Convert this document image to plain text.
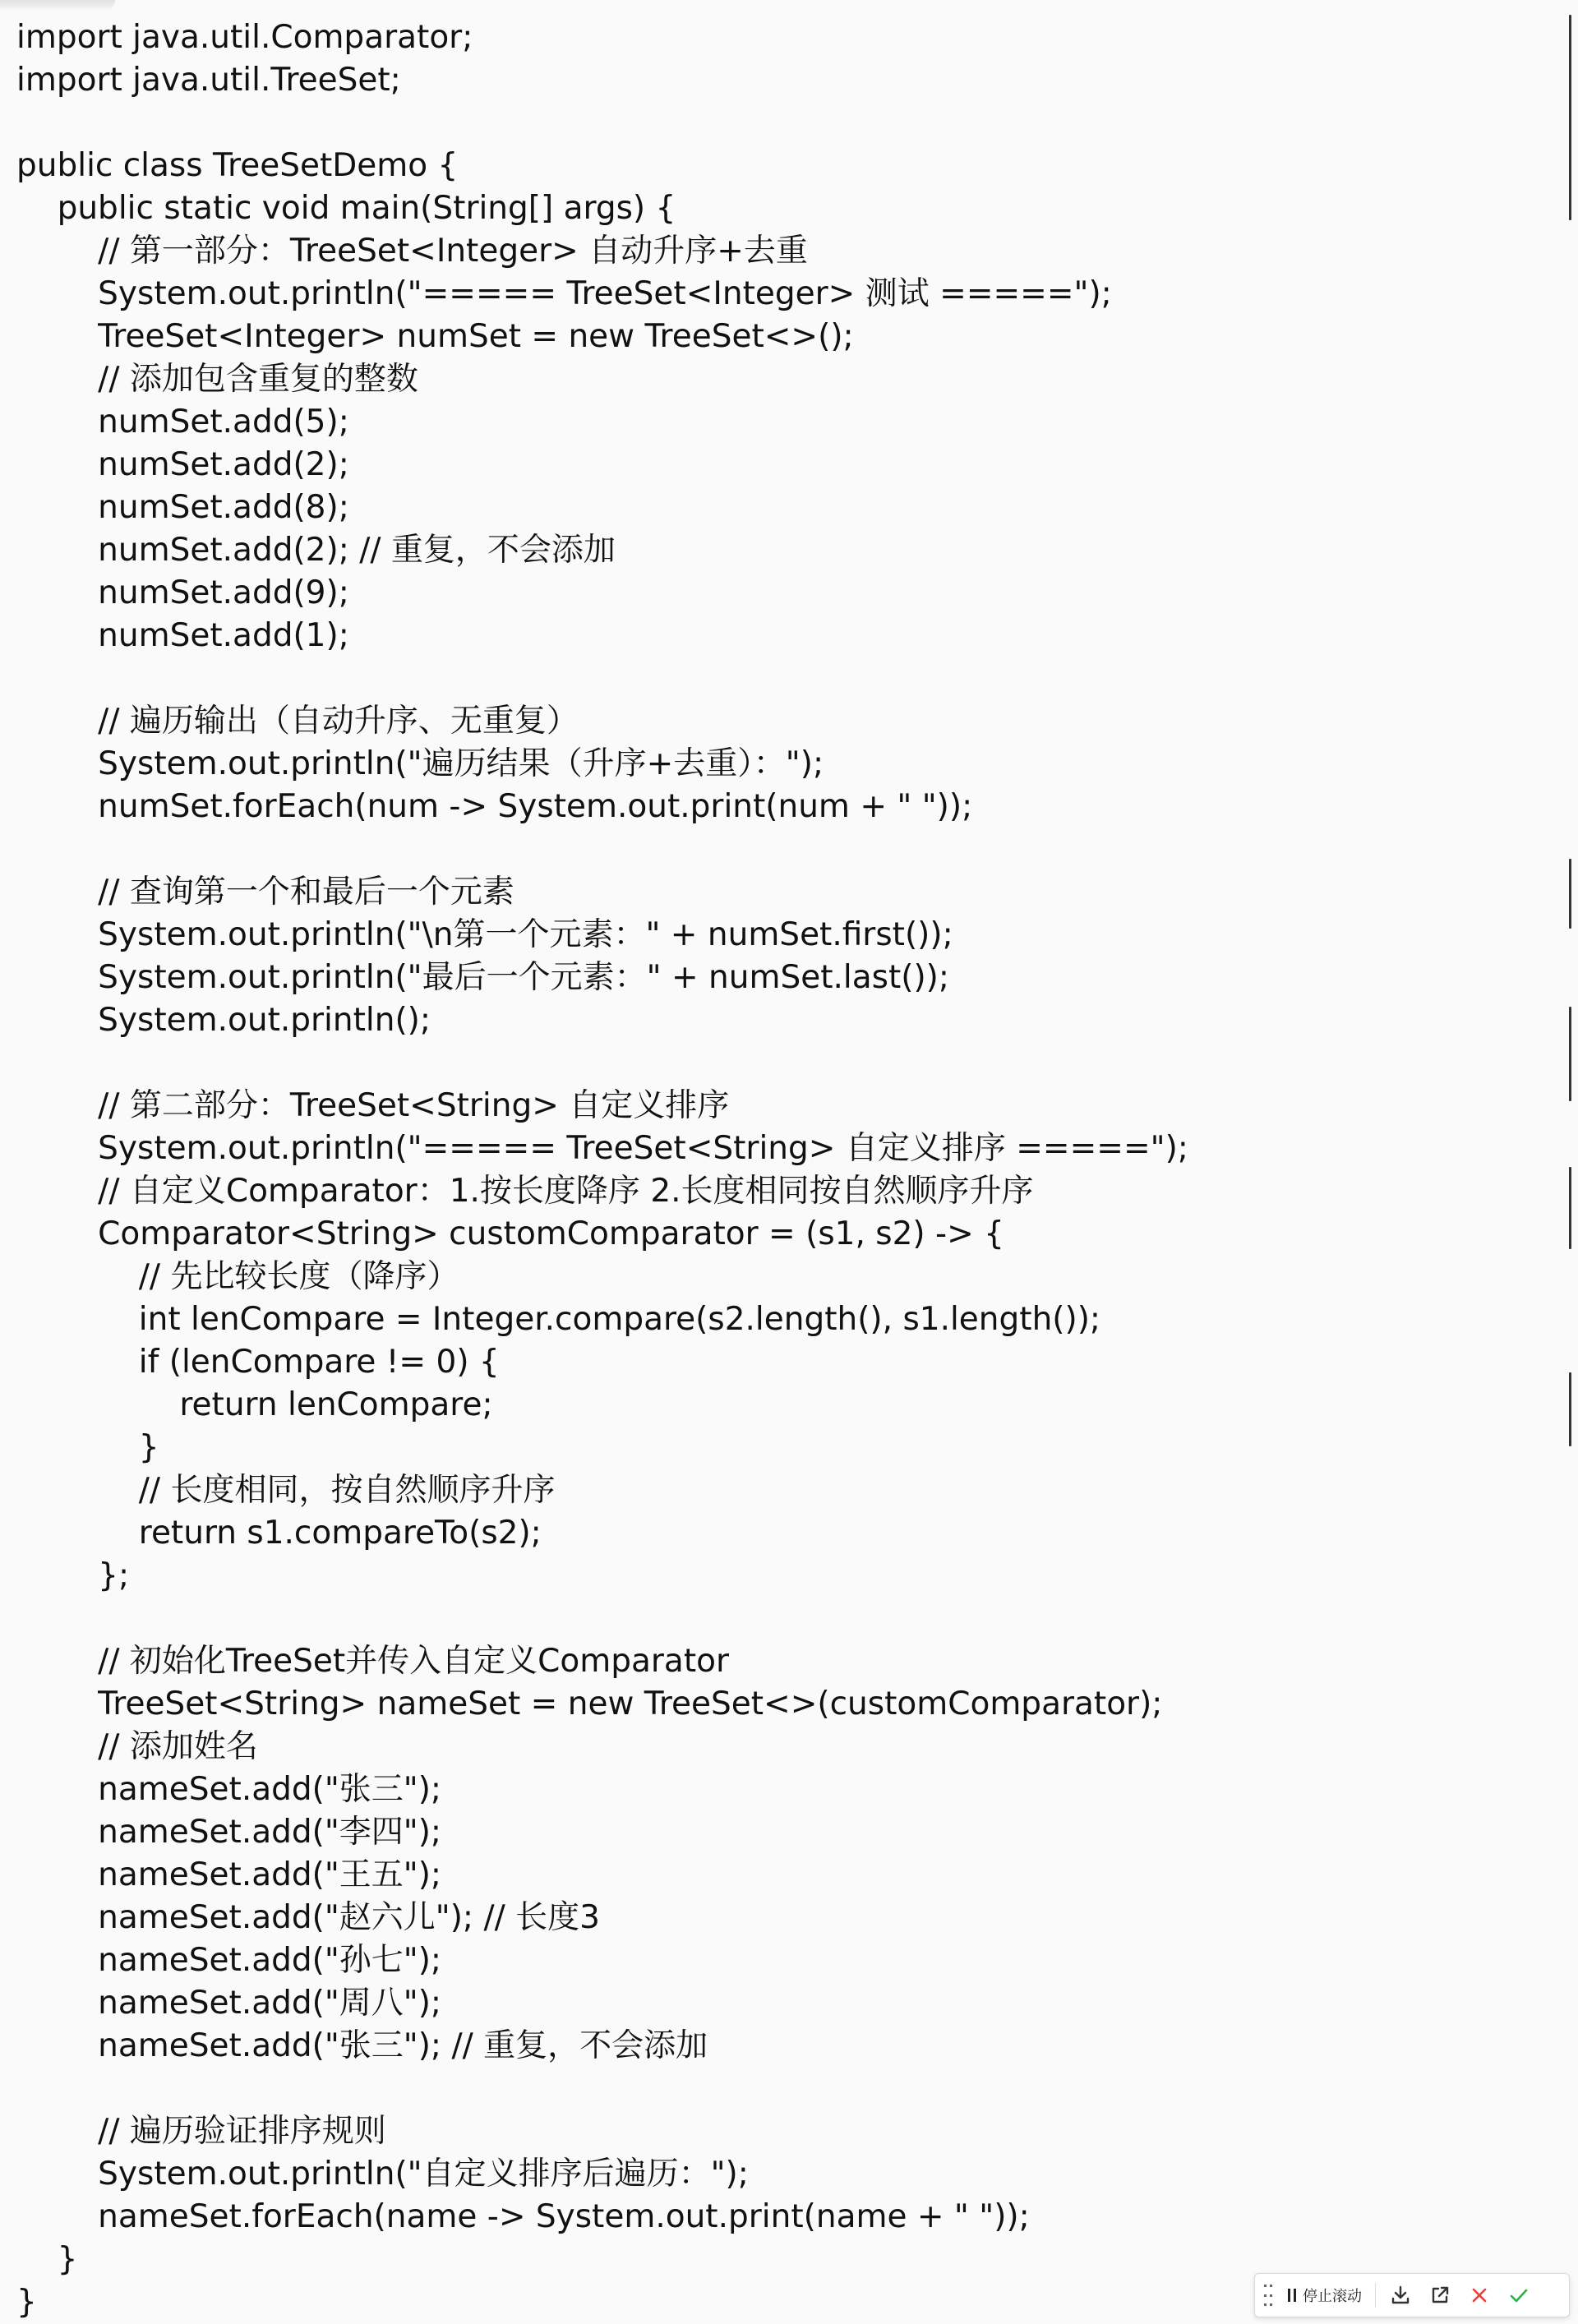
import java.util.Comparator;
import java.util.TreeSet;
public class TreeSetDemo {
public static void main(String[] args) {
// 第一部分：TreeSet<Integer> 自动升序+去重
System.out.println("===== TreeSet<Integer> 测试 =====");
TreeSet<Integer> numSet = new TreeSet<>();
// 添加包含重复的整数
numSet.add(5);
numSet.add(2);
numSet.add(8);
numSet.add(2); // 重复，不会添加
numSet.add(9);
numSet.add(1);
// 遍历输出（自动升序、无重复）
System.out.println("遍历结果（升序+去重）：");
numSet.forEach(num -> System.out.print(num + " "));
// 查询第一个和最后一个元素
System.out.println("\n第一个元素：" + numSet.first());
System.out.println("最后一个元素：" + numSet.last());
System.out.println();
// 第二部分：TreeSet<String> 自定义排序
System.out.println("===== TreeSet<String> 自定义排序 =====");
// 自定义Comparator：1.按长度降序 2.长度相同按自然顺序升序
Comparator<String> customComparator = (s1, s2) -> {
// 先比较长度（降序）
int lenCompare = Integer.compare(s2.length(), s1.length());
if (lenCompare != 0) {
return lenCompare;
}
// 长度相同，按自然顺序升序
return s1.compareTo(s2);
};
// 初始化TreeSet并传入自定义Comparator
TreeSet<String> nameSet = new TreeSet<>(customComparator);
// 添加姓名
nameSet.add("张三");
nameSet.add("李四");
nameSet.add("王五");
nameSet.add("赵六儿"); // 长度3
nameSet.add("孙七");
nameSet.add("周八");
nameSet.add("张三"); // 重复，不会添加
// 遍历验证排序规则
System.out.println("自定义排序后遍历：");
nameSet.forEach(name -> System.out.print(name + " "));
}
}	停止滚动
